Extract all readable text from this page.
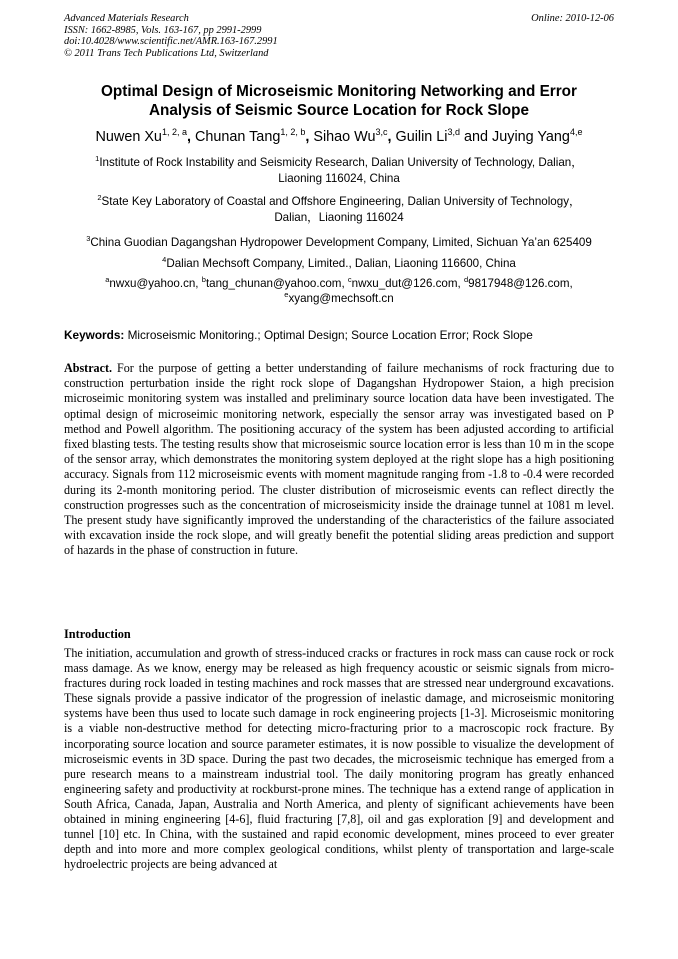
Advanced Materials Research
ISSN: 1662-8985, Vols. 163-167, pp 2991-2999
doi:10.4028/www.scientific.net/AMR.163-167.2991
© 2011 Trans Tech Publications Ltd, Switzerland
Online: 2010-12-06
Optimal Design of Microseismic Monitoring Networking and Error
Analysis of Seismic Source Location for Rock Slope
Nuwen Xu$^{1, 2, a}$, Chunan Tang$^{1, 2, b}$, Sihao Wu$^{3,c}$, Guilin Li$^{3,d}$ and Juying Yang$^{4,e}$
$^1$Institute of Rock Instability and Seismicity Research, Dalian University of Technology, Dalian，
Liaoning 116024, China
$^2$State Key Laboratory of Coastal and Offshore Engineering, Dalian University of Technology，
Dalian，Liaoning 116024
$^3$China Guodian Dagangshan Hydropower Development Company, Limited, Sichuan Ya’an 625409
$^4$Dalian Mechsoft Company, Limited., Dalian, Liaoning 116600, China
$^a$nwxu@yahoo.cn, $^b$tang_chunan@yahoo.com, $^c$nwxu_dut@126.com, $^d$9817948@126.com,
$^e$xyang@mechsoft.cn
Keywords: Microseismic Monitoring.; Optimal Design; Source Location Error; Rock Slope
Abstract. For the purpose of getting a better understanding of failure mechanisms of rock fracturing due to construction perturbation inside the right rock slope of Dagangshan Hydropower Staion, a high precision microseimic monitoring system was installed and preliminary source location data have been investigated. The optimal design of microseimic monitoring network, especially the sensor array was investigated based on P method and Powell algorithm. The positioning accuracy of the system has been adjusted according to artificial fixed blasting tests. The testing results show that microseismic source location error is less than 10 m in the scope of the sensor array, which demonstrates the monitoring system deployed at the right slope has a high positioning accuracy. Signals from 112 microseismic events with moment magnitude ranging from -1.8 to -0.4 were recorded during its 2-month monitoring period. The cluster distribution of microseismic events can reflect directly the construction progresses such as the concentration of microseismicity inside the drainage tunnel at 1081 m level. The present study have significantly improved the understanding of the characteristics of the failure associated with excavation inside the rock slope, and will greatly benefit the potential sliding areas prediction and support of hazards in the phase of construction in future.
Introduction
The initiation, accumulation and growth of stress-induced cracks or fractures in rock mass can cause rock or rock mass damage. As we know, energy may be released as high frequency acoustic or seismic signals from micro-fractures during rock loaded in testing machines and rock masses that are stressed near underground excavations. These signals provide a passive indicator of the progression of inelastic damage, and microseismic monitoring systems have been thus used to locate such damage in rock engineering projects [1-3]. Microseismic monitoring is a viable non-destructive method for detecting micro-fracturing prior to a macroscopic rock fracture. By incorporating source location and source parameter estimates, it is now possible to visualize the development of microseismic events in 3D space. During the past two decades, the microseismic technique has emerged from a pure research means to a mainstream industrial tool. The daily monitoring program has greatly enhanced engineering safety and productivity at rockburst-prone mines. The technique has a extend range of application in South Africa, Canada, Japan, Australia and North America, and plenty of significant achievements have been obtained in mining engineering [4-6], fluid fracturing [7,8], oil and gas exploration [9] and development and tunnel [10] etc. In China, with the sustained and rapid economic development, mines proceed to ever greater depth and into more and more complex geological conditions, whilst plenty of transportation and large-scale hydroelectric projects are being advanced at
